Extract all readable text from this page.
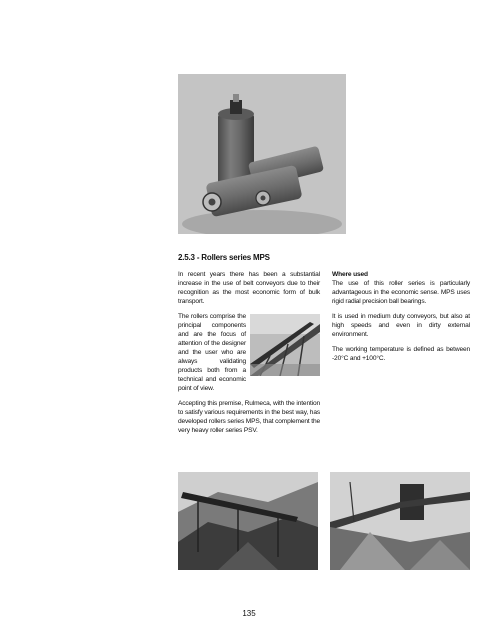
2.5.3 - Rollers series MPS

In recent years there has been a substantial increase in the use of belt conveyors due to their recognition as the most economic form of bulk transport.

The rollers comprise the principal components and are the focus of attention of the designer and the user who are always validating products both from a technical and economic point of view.

Accepting this premise, Rulmeca, with the intention to satisfy various requirements in the best way, has developed rollers series MPS, that complement the very heavy roller series PSV.

Where used

The use of this roller series is particularly advantageous in the economic sense. MPS uses rigid radial precision ball bearings.

It is used in medium duty conveyors, but also at high speeds and even in dirty external environment.

The working temperature is defined as between -20°C and +100°C.

135
